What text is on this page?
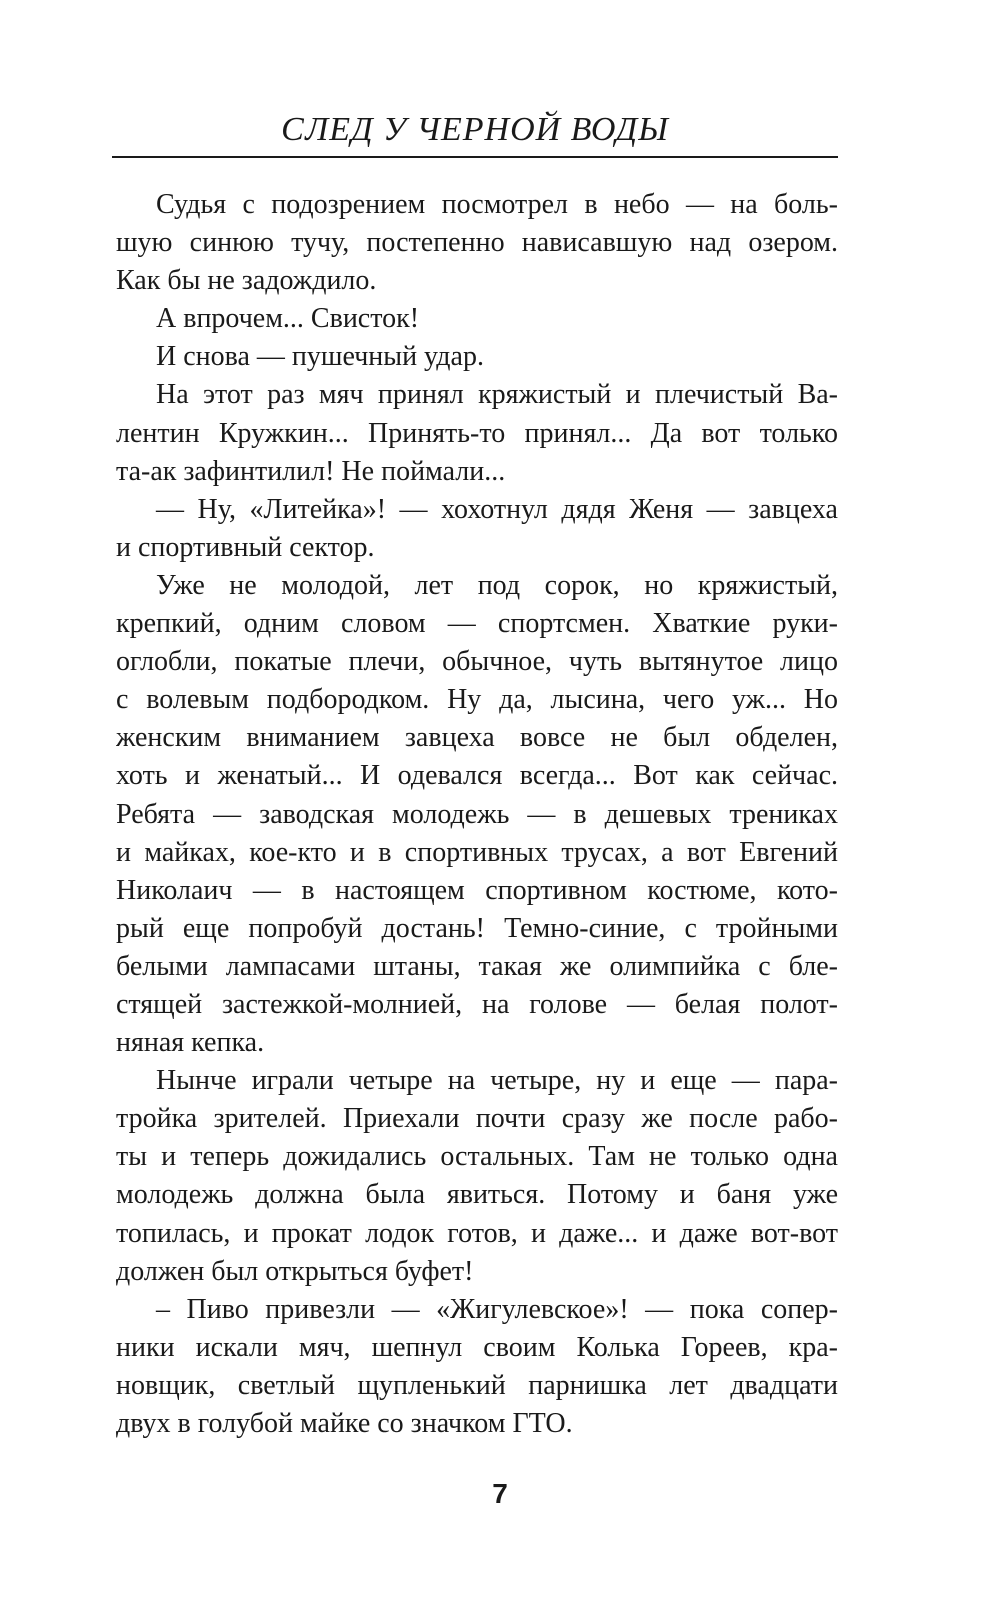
СЛЕД У ЧЕРНОЙ ВОДЫ
Судья с подозрением посмотрел в небо — на боль-
шую синюю тучу, постепенно нависавшую над озером.
Как бы не задождило.
А впрочем... Свисток!
И снова — пушечный удар.
На этот раз мяч принял кряжистый и плечистый Ва-
лентин Кружкин... Принять-то принял... Да вот только
та-ак зафинтилил! Не поймали...
— Ну, «Литейка»! — хохотнул дядя Женя — завцеха
и спортивный сектор.
Уже не молодой, лет под сорок, но кряжистый,
крепкий, одним словом — спортсмен. Хваткие руки-
оглобли, покатые плечи, обычное, чуть вытянутое лицо
с волевым подбородком. Ну да, лысина, чего уж... Но
женским вниманием завцеха вовсе не был обделен,
хоть и женатый... И одевался всегда... Вот как сейчас.
Ребята — заводская молодежь — в дешевых трениках
и майках, кое-кто и в спортивных трусах, а вот Евгений
Николаич — в настоящем спортивном костюме, кото-
рый еще попробуй достань! Темно-синие, с тройными
белыми лампасами штаны, такая же олимпийка с бле-
стящей застежкой-молнией, на голове — белая полот-
няная кепка.
Нынче играли четыре на четыре, ну и еще — пара-
тройка зрителей. Приехали почти сразу же после рабо-
ты и теперь дожидались остальных. Там не только одна
молодежь должна была явиться. Потому и баня уже
топилась, и прокат лодок готов, и даже... и даже вот-вот
должен был открыться буфет!
– Пиво привезли — «Жигулевское»! — пока сопер-
ники искали мяч, шепнул своим Колька Гореев, кра-
новщик, светлый щупленький парнишка лет двадцати
двух в голубой майке со значком ГТО.
7
